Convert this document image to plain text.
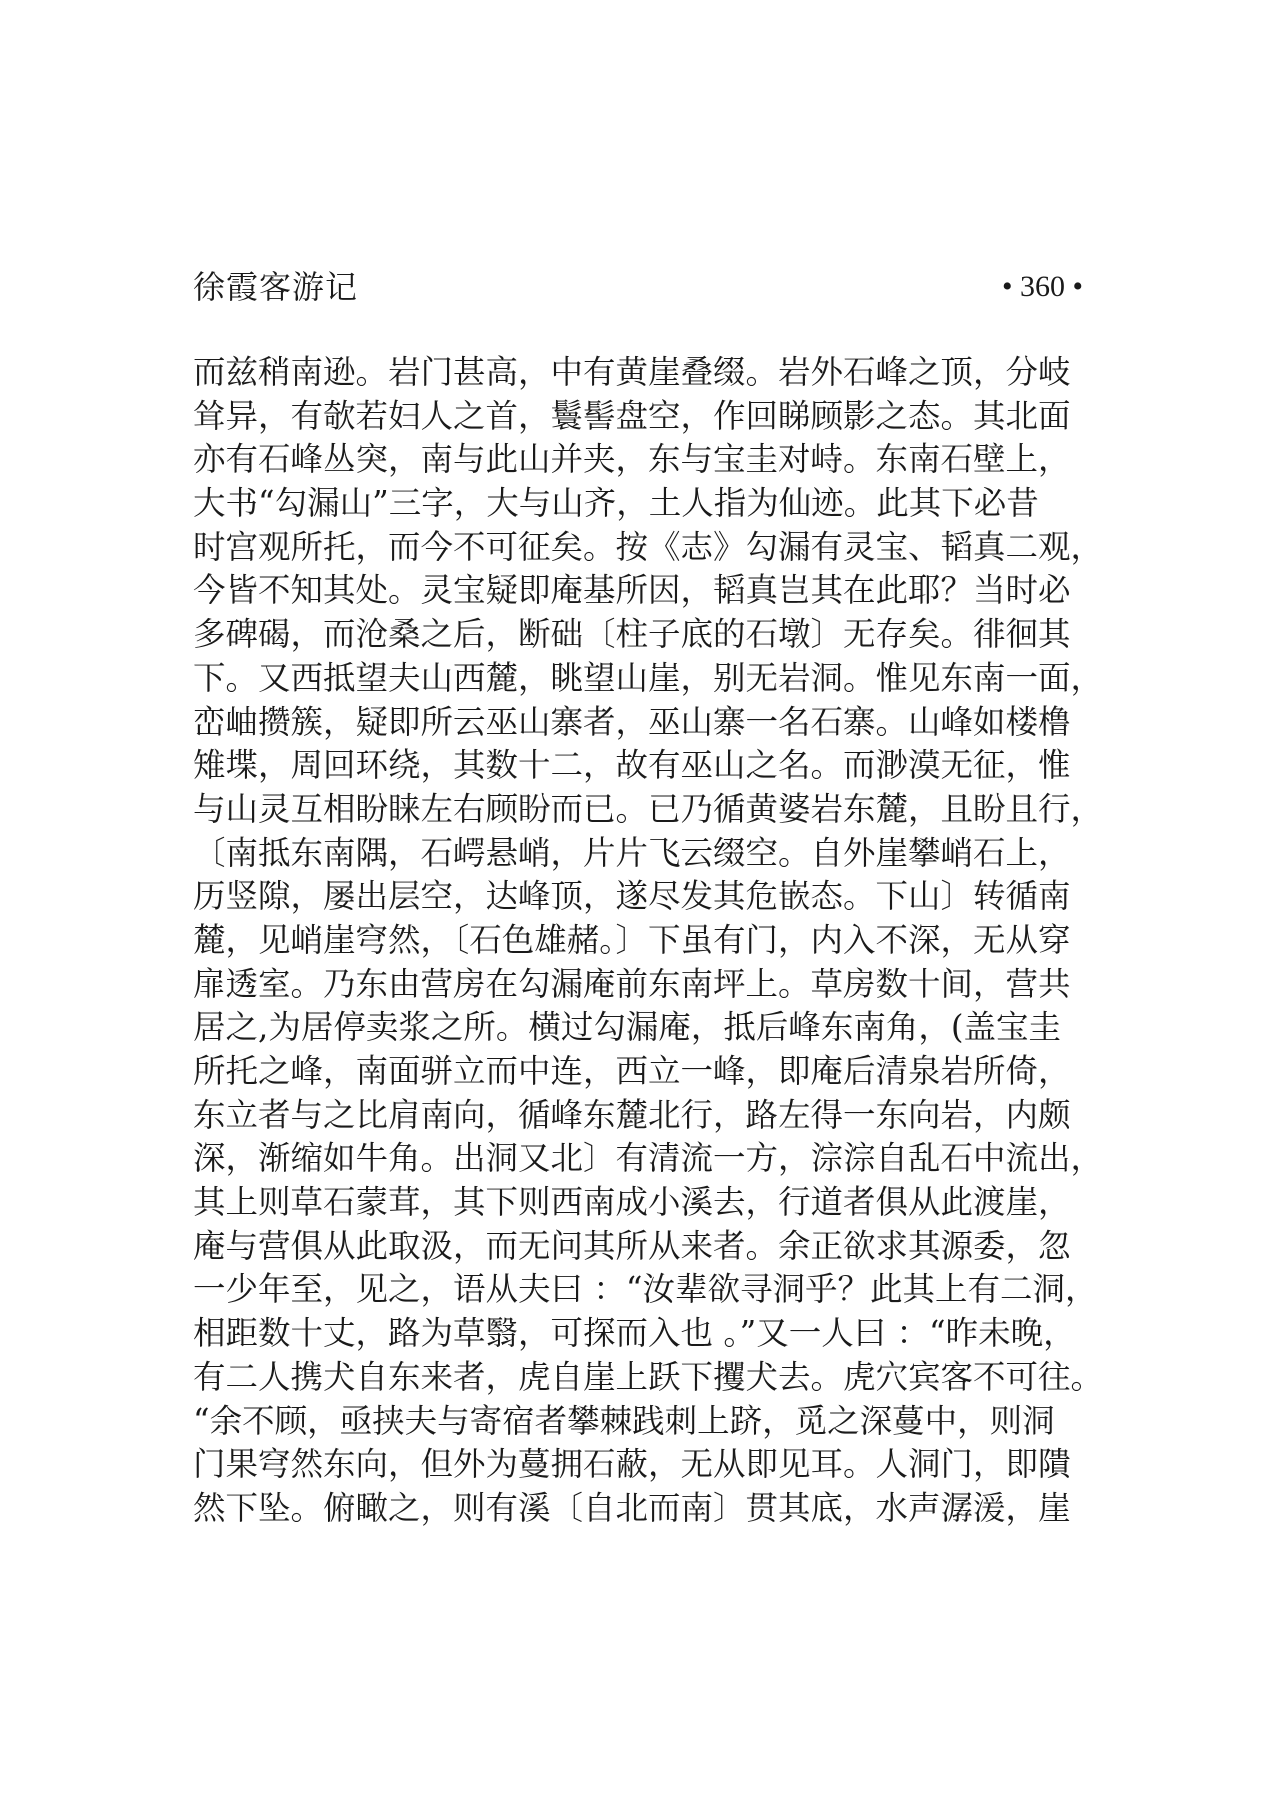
徐霞客游记	• 360 •
而兹稍南逊。岩门甚高，中有黄崖叠缀。岩外石峰之顶，分岐
耸异，有欹若妇人之首，鬟髻盘空，作回睇顾影之态。其北面
亦有石峰丛突，南与此山并夹，东与宝圭对峙。东南石壁上，
大书“勾漏山”三字，大与山齐，土人指为仙迹。此其下必昔
时宫观所托，而今不可征矣。按《志》勾漏有灵宝、韬真二观，
今皆不知其处。灵宝疑即庵基所因，韬真岂其在此耶？当时必
多碑碣，而沧桑之后，断础〔柱子底的石墩〕无存矣。徘徊其
下。又西抵望夫山西麓，眺望山崖，别无岩洞。惟见东南一面，
峦岫攒簇，疑即所云巫山寨者，巫山寨一名石寨。山峰如楼橹
雉堞，周回环绕，其数十二，故有巫山之名。而渺漠无征，惟
与山灵互相盼睐左右顾盼而已。已乃循黄婆岩东麓，且盼且行，
〔南抵东南隅，石崿悬峭，片片飞云缀空。自外崖攀峭石上，
历竖隙，屡出层空，达峰顶，遂尽发其危嵌态。下山〕转循南
麓，见峭崖穹然，〔石色雄赭。〕下虽有门，内入不深，无从穿
扉透室。乃东由营房在勾漏庵前东南坪上。草房数十间，营共
居之,为居停卖浆之所。横过勾漏庵，抵后峰东南角，(盖宝圭
所托之峰，南面骈立而中连，西立一峰，即庵后清泉岩所倚，
东立者与之比肩南向，循峰东麓北行，路左得一东向岩，内颇
深，渐缩如牛角。出洞又北〕有清流一方，淙淙自乱石中流出，
其上则草石蒙茸，其下则西南成小溪去，行道者俱从此渡崖，
庵与营俱从此取汲，而无问其所从来者。余正欲求其源委，忽
一少年至，见之，语从夫曰 ：“汝辈欲寻洞乎？此其上有二洞，
相距数十丈，路为草翳，可探而入也 。”又一人曰 ：“昨未晚，
有二人携犬自东来者，虎自崖上跃下攫犬去。虎穴宾客不可往。
“余不顾，亟挟夫与寄宿者攀棘践刺上跻，觅之深蔓中，则洞
门果穹然东向，但外为蔓拥石蔽，无从即见耳。人洞门，即隤
然下坠。俯瞰之，则有溪〔自北而南〕贯其底，水声潺湲，崖
